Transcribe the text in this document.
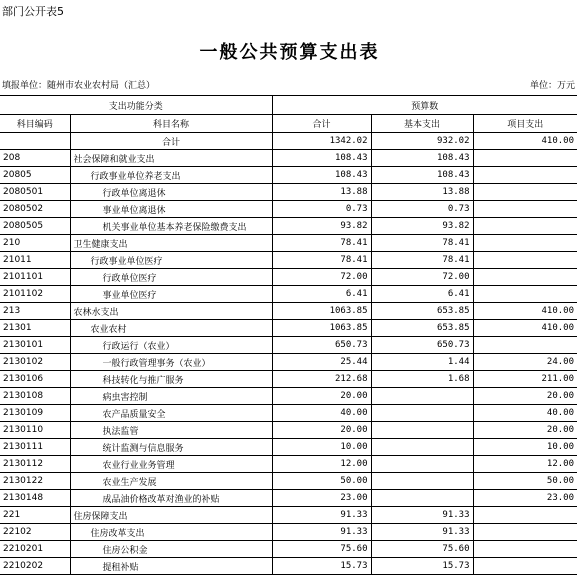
部门公开表5
一般公共预算支出表
填报单位：随州市农业农村局（汇总）	单位：万元
支出功能分类		预算数		
科目编码	科目名称	合计	基本支出	项目支出
	合计	1342.02	932.02	410.00
208	社会保障和就业支出	108.43	108.43	
20805	行政事业单位养老支出	108.43	108.43	
2080501	行政单位离退休	13.88	13.88	
2080502	事业单位离退休	0.73	0.73	
2080505	机关事业单位基本养老保险缴费支出	93.82	93.82	
210	卫生健康支出	78.41	78.41	
21011	行政事业单位医疗	78.41	78.41	
2101101	行政单位医疗	72.00	72.00	
2101102	事业单位医疗	6.41	6.41	
213	农林水支出	1063.85	653.85	410.00
21301	农业农村	1063.85	653.85	410.00
2130101	行政运行（农业）	650.73	650.73	
2130102	一般行政管理事务（农业）	25.44	1.44	24.00
2130106	科技转化与推广服务	212.68	1.68	211.00
2130108	病虫害控制	20.00		20.00
2130109	农产品质量安全	40.00		40.00
2130110	执法监管	20.00		20.00
2130111	统计监测与信息服务	10.00		10.00
2130112	农业行业业务管理	12.00		12.00
2130122	农业生产发展	50.00		50.00
2130148	成品油价格改革对渔业的补贴	23.00		23.00
221	住房保障支出	91.33	91.33	
22102	住房改革支出	91.33	91.33	
2210201	住房公积金	75.60	75.60	
2210202	提租补贴	15.73	15.73	
